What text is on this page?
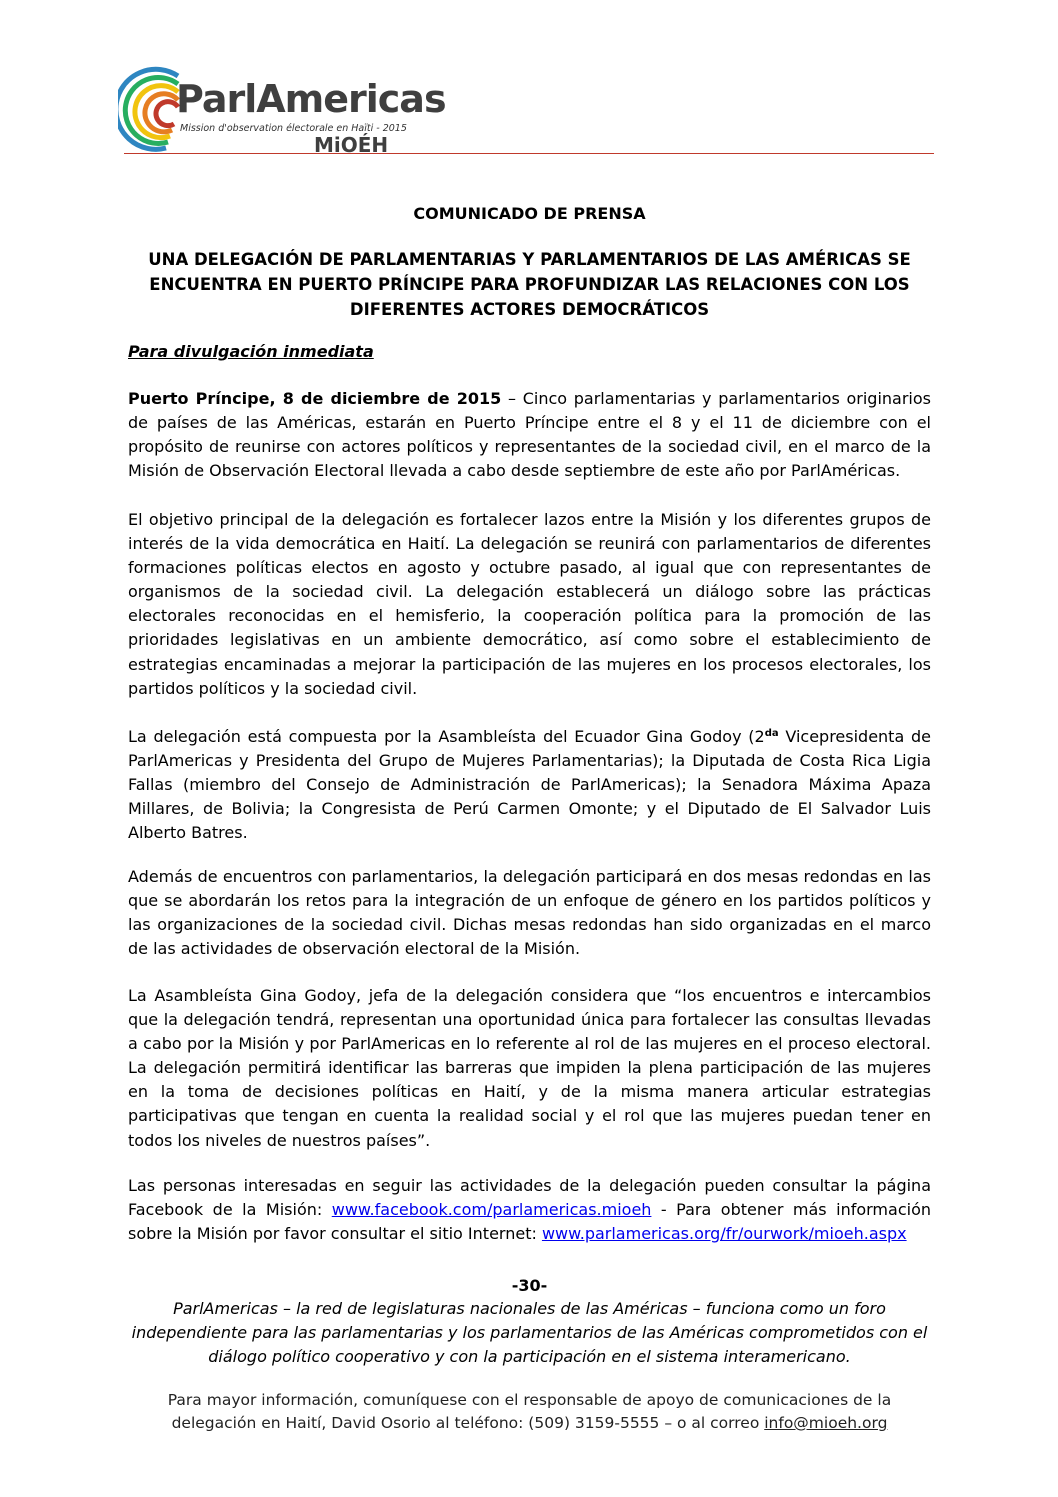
ParlAmericas
Mission d'observation électorale en Haïti - 2015
MiOÉH
COMUNICADO DE PRENSA
UNA DELEGACIÓN DE PARLAMENTARIAS Y PARLAMENTARIOS DE LAS AMÉRICAS SE ENCUENTRA EN PUERTO PRÍNCIPE PARA PROFUNDIZAR LAS RELACIONES CON LOS DIFERENTES ACTORES DEMOCRÁTICOS
Para divulgación inmediata
Puerto Príncipe, 8 de diciembre de 2015 – Cinco parlamentarias y parlamentarios originarios de países de las Américas, estarán en Puerto Príncipe entre el 8 y el 11 de diciembre con el propósito de reunirse con actores políticos y representantes de la sociedad civil, en el marco de la Misión de Observación Electoral llevada a cabo desde septiembre de este año por ParlAméricas.
El objetivo principal de la delegación es fortalecer lazos entre la Misión y los diferentes grupos de interés de la vida democrática en Haití. La delegación se reunirá con parlamentarios de diferentes formaciones políticas electos en agosto y octubre pasado, al igual que con representantes de organismos de la sociedad civil. La delegación establecerá un diálogo sobre las prácticas electorales reconocidas en el hemisferio, la cooperación política para la promoción de las prioridades legislativas en un ambiente democrático, así como sobre el establecimiento de estrategias encaminadas a mejorar la participación de las mujeres en los procesos electorales, los partidos políticos y la sociedad civil.
La delegación está compuesta por la Asambleísta del Ecuador Gina Godoy ($2^{da}$ Vicepresidenta de ParlAmericas y Presidenta del Grupo de Mujeres Parlamentarias); la Diputada de Costa Rica Ligia Fallas (miembro del Consejo de Administración de ParlAmericas); la Senadora Máxima Apaza Millares, de Bolivia; la Congresista de Perú Carmen Omonte; y el Diputado de El Salvador Luis Alberto Batres.
Además de encuentros con parlamentarios, la delegación participará en dos mesas redondas en las que se abordarán los retos para la integración de un enfoque de género en los partidos políticos y las organizaciones de la sociedad civil. Dichas mesas redondas han sido organizadas en el marco de las actividades de observación electoral de la Misión.
La Asambleísta Gina Godoy, jefa de la delegación considera que “los encuentros e intercambios que la delegación tendrá, representan una oportunidad única para fortalecer las consultas llevadas a cabo por la Misión y por ParlAmericas en lo referente al rol de las mujeres en el proceso electoral. La delegación permitirá identificar las barreras que impiden la plena participación de las mujeres en la toma de decisiones políticas en Haití, y de la misma manera articular estrategias participativas que tengan en cuenta la realidad social y el rol que las mujeres puedan tener en todos los niveles de nuestros países”.
Las personas interesadas en seguir las actividades de la delegación pueden consultar la página Facebook de la Misión: www.facebook.com/parlamericas.mioeh - Para obtener más información sobre la Misión por favor consultar el sitio Internet: www.parlamericas.org/fr/ourwork/mioeh.aspx
-30-
ParlAmericas – la red de legislaturas nacionales de las Américas – funciona como un foro independiente para las parlamentarias y los parlamentarios de las Américas comprometidos con el diálogo político cooperativo y con la participación en el sistema interamericano.
Para mayor información, comuníquese con el responsable de apoyo de comunicaciones de la delegación en Haití, David Osorio al teléfono: (509) 3159-5555 – o al correo info@mioeh.org
